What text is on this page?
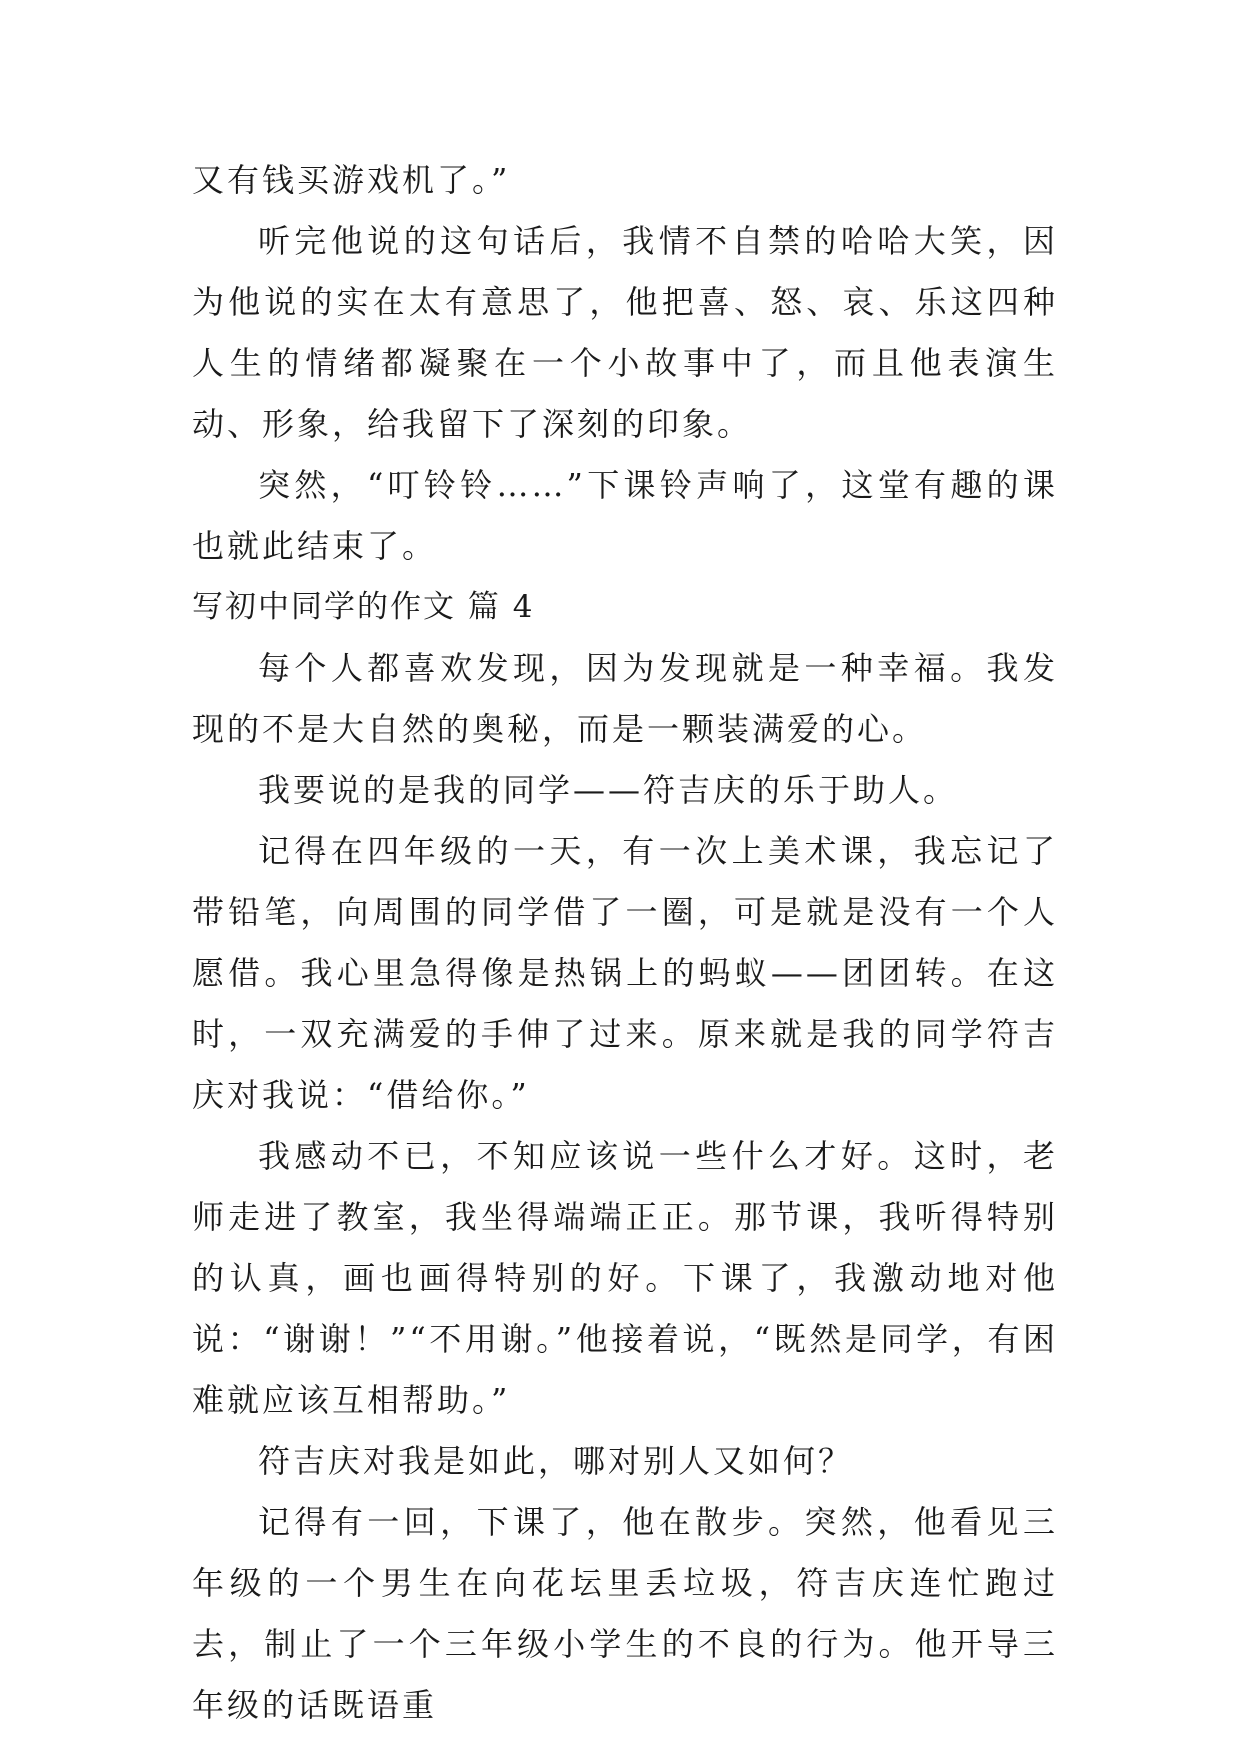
又有钱买游戏机了。”

听完他说的这句话后，我情不自禁的哈哈大笑，因为他说的实在太有意思了，他把喜、怒、哀、乐这四种人生的情绪都凝聚在一个小故事中了，而且他表演生动、形象，给我留下了深刻的印象。

突然，“叮铃铃……”下课铃声响了，这堂有趣的课也就此结束了。

写初中同学的作文 篇 4

每个人都喜欢发现，因为发现就是一种幸福。我发现的不是大自然的奥秘，而是一颗装满爱的心。

我要说的是我的同学——符吉庆的乐于助人。

记得在四年级的一天，有一次上美术课，我忘记了带铅笔，向周围的同学借了一圈，可是就是没有一个人愿借。我心里急得像是热锅上的蚂蚁——团团转。在这时，一双充满爱的手伸了过来。原来就是我的同学符吉庆对我说：“借给你。”

我感动不已，不知应该说一些什么才好。这时，老师走进了教室，我坐得端端正正。那节课，我听得特别的认真，画也画得特别的好。下课了，我激动地对他说：“谢谢！”“不用谢。”他接着说，“既然是同学，有困难就应该互相帮助。”

符吉庆对我是如此，哪对别人又如何？

记得有一回，下课了，他在散步。突然，他看见三年级的一个男生在向花坛里丢垃圾，符吉庆连忙跑过去，制止了一个三年级小学生的不良的行为。他开导三年级的话既语重
